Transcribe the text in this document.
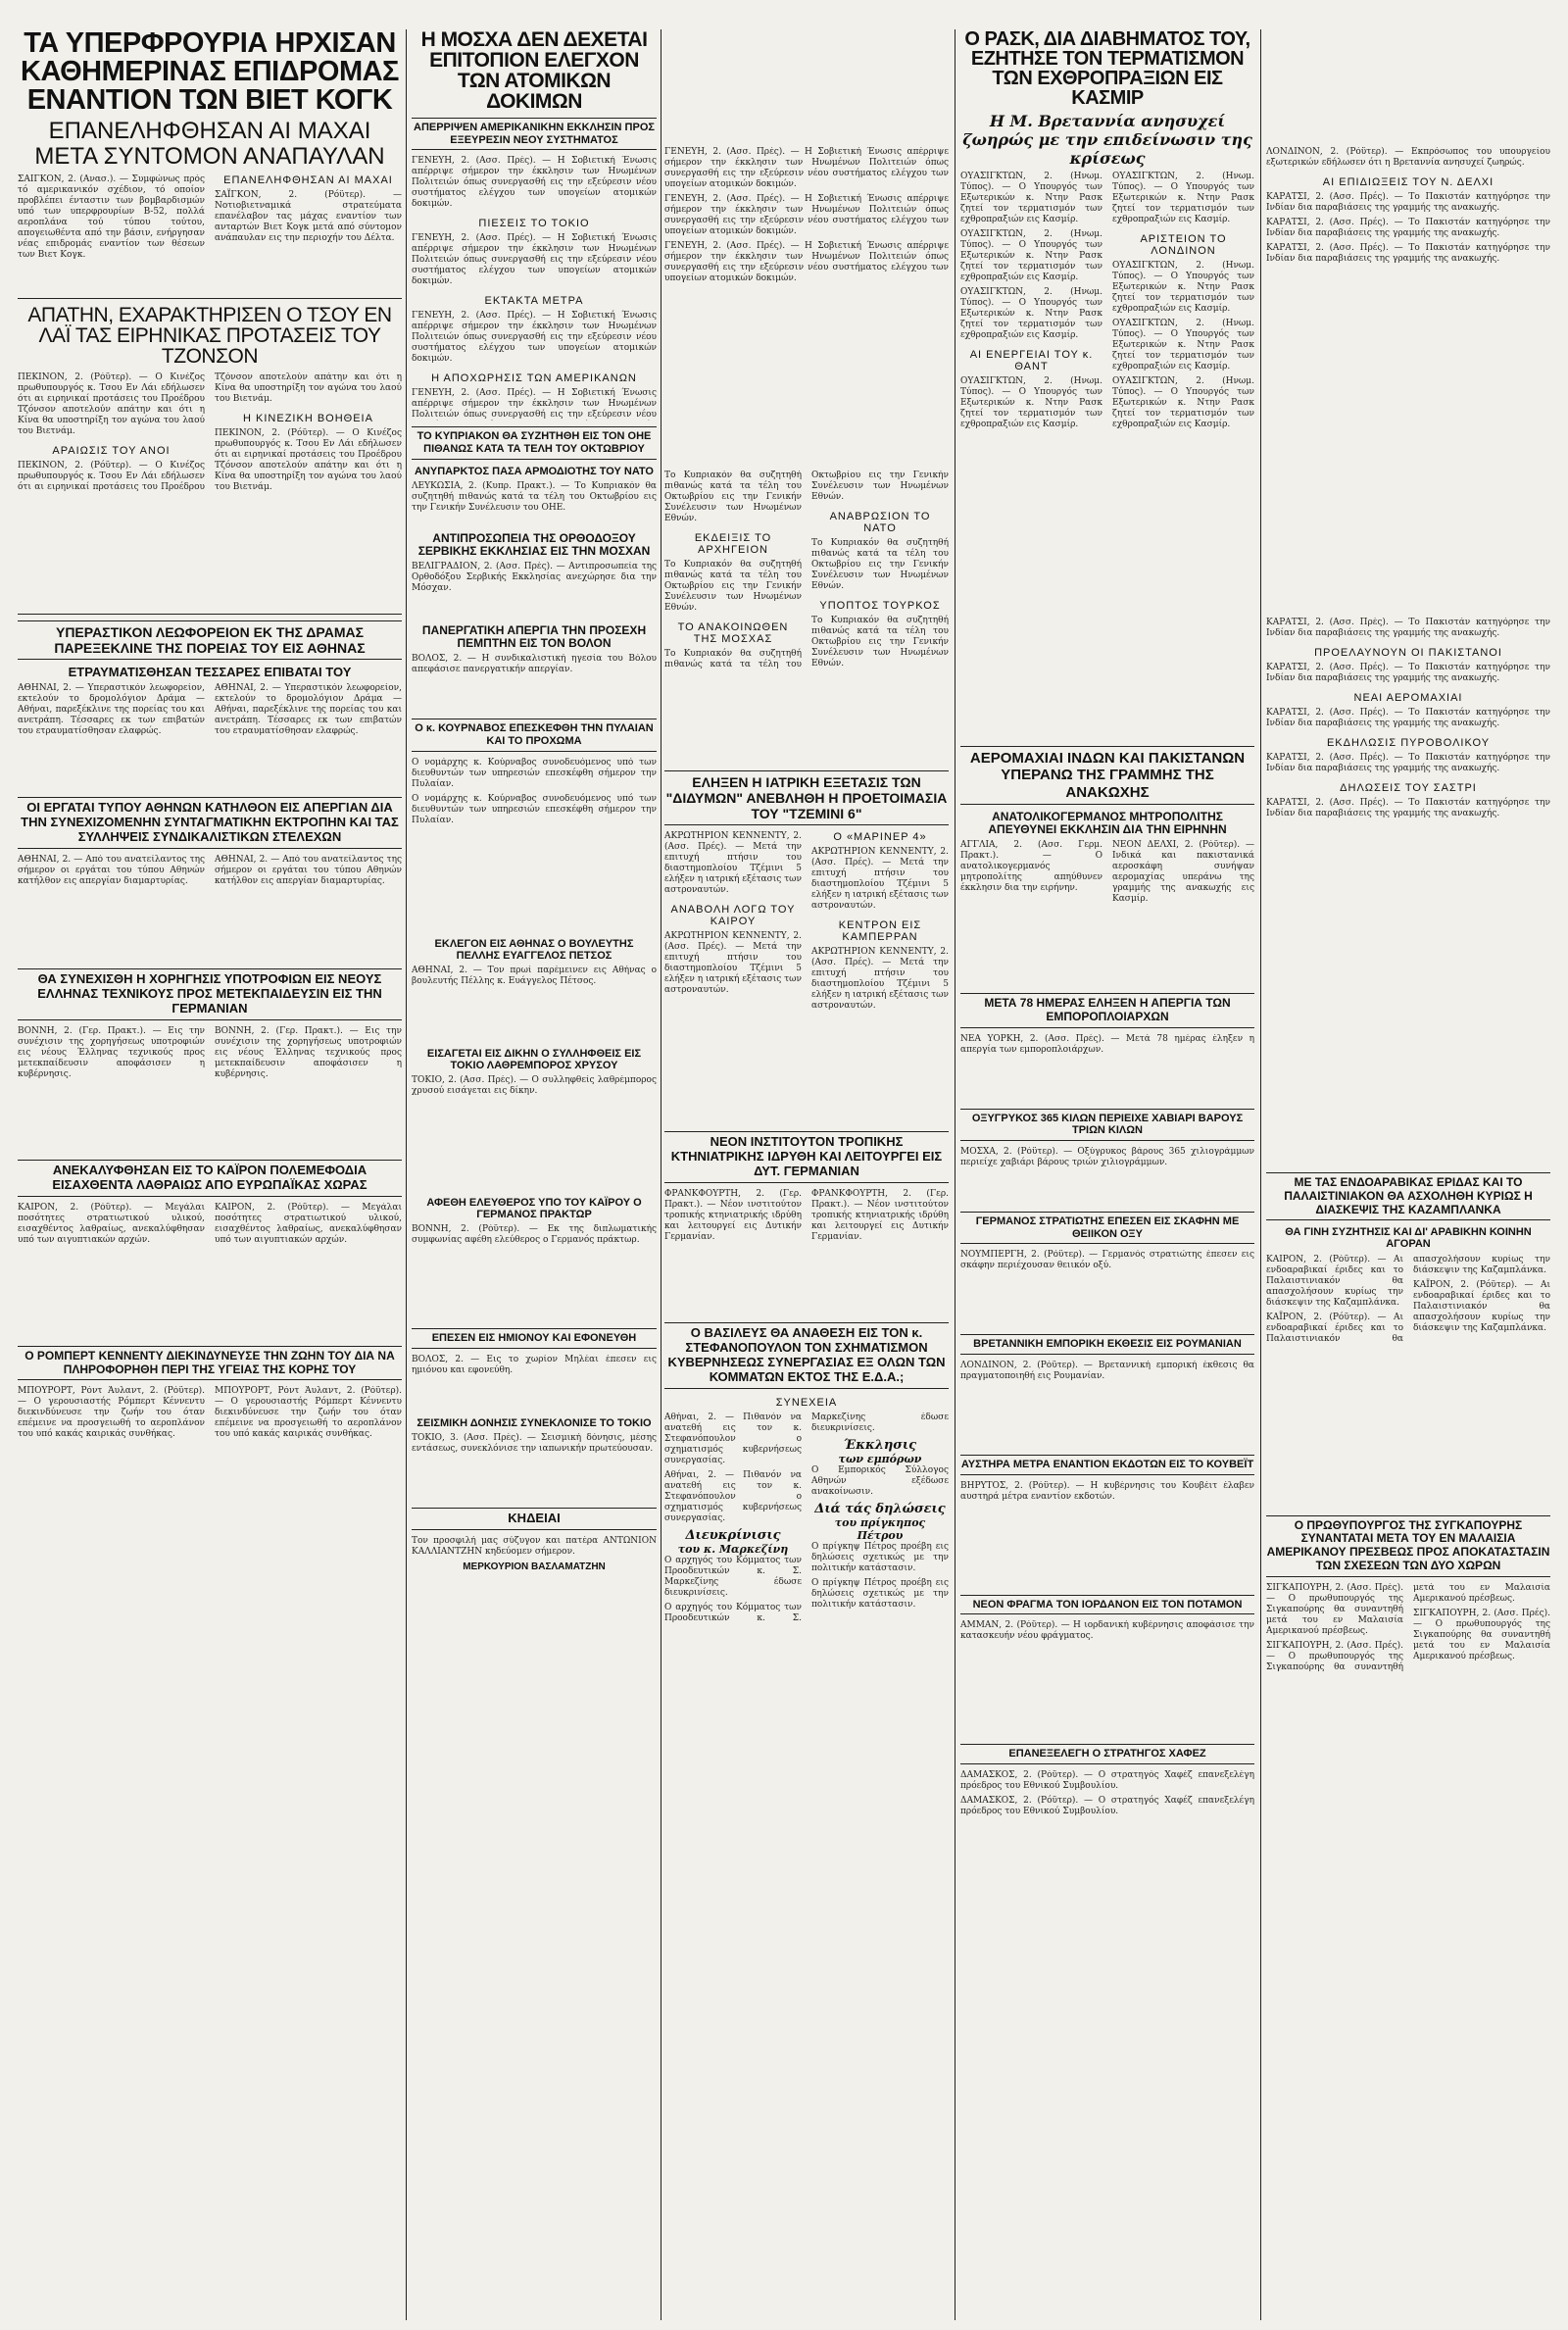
ΤΑ ΥΠΕΡΦΡΟΥΡΙΑ ΗΡΧΙΣΑΝ ΚΑΘΗΜΕΡΙΝΑΣ ΕΠΙΔΡΟΜΑΣ ΕΝΑΝΤΙΟΝ ΤΩΝ ΒΙΕΤ ΚΟΓΚ
ΕΠΑΝΕΛΗΦΘΗΣΑΝ ΑΙ ΜΑΧΑΙ ΜΕΤΑ ΣΥΝΤΟΜΟΝ ΑΝΑΠΑΥΛΑΝ

ΣΑΪΓΚΟΝ, 2. (Ανασ.). — Συμφώνως πρός τό αμερικανικόν σχέδιον, τό οποίον προβλέπει ένταστιν των βομβαρδισμών υπό των υπερφρουρίων Β-52, πολλά αεροπλάνα τού τύπου τούτου, απογειωθέντα από την βάσιν, ενήργησαν νέας επιδρομάς εναντίον των θέσεων των Βιετ Κογκ.

ΕΠΑΝΕΛΗΦΘΗΣΑΝ ΑΙ ΜΑΧΑΙ

ΣΑΪΓΚΟΝ, 2. (Ρόϋτερ). — Νοτιοβιετναμικά στρατεύματα επανέλαβον τας μάχας εναντίον των ανταρτών Βιετ Κογκ μετά από σύντομον ανάπαυλαν εις την περιοχήν του Δέλτα.

ΑΠΑΤΗΝ, ΕΧΑΡΑΚΤΗΡΙΣΕΝ Ο ΤΣΟΥ ΕΝ ΛΑΪ ΤΑΣ ΕΙΡΗΝΙΚΑΣ ΠΡΟΤΑΣΕΙΣ ΤΟΥ ΤΖΟΝΣΟΝ

ΠΕΚΙΝΟΝ, 2. (Ρόϋτερ). — Ο Κινέζος πρωθυπουργός κ. Τσου Εν Λάι εδήλωσεν ότι αι ειρηνικαί προτάσεις του Προέδρου Τζόνσον αποτελούν απάτην και ότι η Κίνα θα υποστηρίξη τον αγώνα του λαού του Βιετνάμ.

ΑΡΑΙΩΣΙΣ ΤΟΥ ΑΝΟΙ

ΠΕΚΙΝΟΝ, 2. (Ρόϋτερ). — Ο Κινέζος πρωθυπουργός κ. Τσου Εν Λάι εδήλωσεν ότι αι ειρηνικαί προτάσεις του Προέδρου Τζόνσον αποτελούν απάτην και ότι η Κίνα θα υποστηρίξη τον αγώνα του λαού του Βιετνάμ.

Η ΚΙΝΕΖΙΚΗ ΒΟΗΘΕΙΑ

ΠΕΚΙΝΟΝ, 2. (Ρόϋτερ). — Ο Κινέζος πρωθυπουργός κ. Τσου Εν Λάι εδήλωσεν ότι αι ειρηνικαί προτάσεις του Προέδρου Τζόνσον αποτελούν απάτην και ότι η Κίνα θα υποστηρίξη τον αγώνα του λαού του Βιετνάμ.

ΥΠΕΡΑΣΤΙΚΟΝ ΛΕΩΦΟΡΕΙΟΝ ΕΚ ΤΗΣ ΔΡΑΜΑΣ ΠΑΡΕΞΕΚΛΙΝΕ ΤΗΣ ΠΟΡΕΙΑΣ ΤΟΥ ΕΙΣ ΑΘΗΝΑΣ
ΕΤΡΑΥΜΑΤΙΣΘΗΣΑΝ ΤΕΣΣΑΡΕΣ ΕΠΙΒΑΤΑΙ ΤΟΥ

ΑΘΗΝΑΙ, 2. — Υπεραστικόν λεωφορείον, εκτελούν το δρομολόγιον Δράμα — Αθήναι, παρεξέκλινε της πορείας του και ανετράπη. Τέσσαρες εκ των επιβατών του ετραυματίσθησαν ελαφρώς.

ΑΘΗΝΑΙ, 2. — Υπεραστικόν λεωφορείον, εκτελούν το δρομολόγιον Δράμα — Αθήναι, παρεξέκλινε της πορείας του και ανετράπη. Τέσσαρες εκ των επιβατών του ετραυματίσθησαν ελαφρώς.

ΟΙ ΕΡΓΑΤΑΙ ΤΥΠΟΥ ΑΘΗΝΩΝ ΚΑΤΗΛΘΟΝ ΕΙΣ ΑΠΕΡΓΙΑΝ ΔΙΑ ΤΗΝ ΣΥΝΕΧΙΖΟΜΕΝΗΝ ΣΥΝΤΑΓΜΑΤΙΚΗΝ ΕΚΤΡΟΠΗΝ ΚΑΙ ΤΑΣ ΣΥΛΛΗΨΕΙΣ ΣΥΝΔΙΚΑΛΙΣΤΙΚΩΝ ΣΤΕΛΕΧΩΝ

ΑΘΗΝΑΙ, 2. — Από του ανατείλαντος της σήμερον οι εργάται του τύπου Αθηνών κατήλθον εις απεργίαν διαμαρτυρίας.

ΑΘΗΝΑΙ, 2. — Από του ανατείλαντος της σήμερον οι εργάται του τύπου Αθηνών κατήλθον εις απεργίαν διαμαρτυρίας.

ΘΑ ΣΥΝΕΧΙΣΘΗ Η ΧΟΡΗΓΗΣΙΣ ΥΠΟΤΡΟΦΙΩΝ ΕΙΣ ΝΕΟΥΣ ΕΛΛΗΝΑΣ ΤΕΧΝΙΚΟΥΣ ΠΡΟΣ ΜΕΤΕΚΠΑΙΔΕΥΣΙΝ ΕΙΣ ΤΗΝ ΓΕΡΜΑΝΙΑΝ

ΒΟΝΝΗ, 2. (Γερ. Πρακτ.). — Εις την συνέχισιν της χορηγήσεως υποτροφιών εις νέους Έλληνας τεχνικούς προς μετεκπαίδευσιν αποφάσισεν η κυβέρνησις.

ΒΟΝΝΗ, 2. (Γερ. Πρακτ.). — Εις την συνέχισιν της χορηγήσεως υποτροφιών εις νέους Έλληνας τεχνικούς προς μετεκπαίδευσιν αποφάσισεν η κυβέρνησις.

ΑΝΕΚΑΛΥΦΘΗΣΑΝ ΕΙΣ ΤΟ ΚΑΪΡΟΝ ΠΟΛΕΜΕΦΟΔΙΑ ΕΙΣΑΧΘΕΝΤΑ ΛΑΘΡΑΙΩΣ ΑΠΟ ΕΥΡΩΠΑΪΚΑΣ ΧΩΡΑΣ

ΚΑΪΡΟΝ, 2. (Ρόϋτερ). — Μεγάλαι ποσότητες στρατιωτικού υλικού, εισαχθέντος λαθραίως, ανεκαλύφθησαν υπό των αιγυπτιακών αρχών.

ΚΑΪΡΟΝ, 2. (Ρόϋτερ). — Μεγάλαι ποσότητες στρατιωτικού υλικού, εισαχθέντος λαθραίως, ανεκαλύφθησαν υπό των αιγυπτιακών αρχών.

Ο ΡΟΜΠΕΡΤ ΚΕΝΝΕΝΤΥ ΔΙΕΚΙΝΔΥΝΕΥΣΕ ΤΗΝ ΖΩΗΝ ΤΟΥ ΔΙΑ ΝΑ ΠΛΗΡΟΦΟΡΗΘΗ ΠΕΡΙ ΤΗΣ ΥΓΕΙΑΣ ΤΗΣ ΚΟΡΗΣ ΤΟΥ

ΜΠΟΥΡΟΡΤ, Ρόντ Άυλαντ, 2. (Ρόϋτερ). — Ο γερουσιαστής Ρόμπερτ Κέννεντυ διεκινδύνευσε την ζωήν του όταν επέμεινε να προσγειωθή το αεροπλάνον του υπό κακάς καιρικάς συνθήκας.

ΜΠΟΥΡΟΡΤ, Ρόντ Άυλαντ, 2. (Ρόϋτερ). — Ο γερουσιαστής Ρόμπερτ Κέννεντυ διεκινδύνευσε την ζωήν του όταν επέμεινε να προσγειωθή το αεροπλάνον του υπό κακάς καιρικάς συνθήκας.

Η ΜΟΣΧΑ ΔΕΝ ΔΕΧΕΤΑΙ ΕΠΙΤΟΠΙΟΝ ΕΛΕΓΧΟΝ ΤΩΝ ΑΤΟΜΙΚΩΝ ΔΟΚΙΜΩΝ
ΑΠΕΡΡΙΨΕΝ ΑΜΕΡΙΚΑΝΙΚΗΝ ΕΚΚΛΗΣΙΝ ΠΡΟΣ ΕΞΕΥΡΕΣΙΝ ΝΕΟΥ ΣΥΣΤΗΜΑΤΟΣ

ΓΕΝΕΥΗ, 2. (Ασσ. Πρές). — Η Σοβιετική Ένωσις απέρριψε σήμερον την έκκλησιν των Ηνωμένων Πολιτειών όπως συνεργασθή εις την εξεύρεσιν νέου συστήματος ελέγχου των υπογείων ατομικών δοκιμών.

ΠΙΕΣΕΙΣ ΤΟ ΤΟΚΙΟ

ΓΕΝΕΥΗ, 2. (Ασσ. Πρές). — Η Σοβιετική Ένωσις απέρριψε σήμερον την έκκλησιν των Ηνωμένων Πολιτειών όπως συνεργασθή εις την εξεύρεσιν νέου συστήματος ελέγχου των υπογείων ατομικών δοκιμών.

ΕΚΤΑΚΤΑ ΜΕΤΡΑ

ΓΕΝΕΥΗ, 2. (Ασσ. Πρές). — Η Σοβιετική Ένωσις απέρριψε σήμερον την έκκλησιν των Ηνωμένων Πολιτειών όπως συνεργασθή εις την εξεύρεσιν νέου συστήματος ελέγχου των υπογείων ατομικών δοκιμών.

Η ΑΠΟΧΩΡΗΣΙΣ ΤΩΝ ΑΜΕΡΙΚΑΝΩΝ

ΓΕΝΕΥΗ, 2. (Ασσ. Πρές). — Η Σοβιετική Ένωσις απέρριψε σήμερον την έκκλησιν των Ηνωμένων Πολιτειών όπως συνεργασθή εις την εξεύρεσιν νέου

ΤΟ ΚΥΠΡΙΑΚΟΝ ΘΑ ΣΥΖΗΤΗΘΗ ΕΙΣ ΤΟΝ ΟΗΕ ΠΙΘΑΝΩΣ ΚΑΤΑ ΤΑ ΤΕΛΗ ΤΟΥ ΟΚΤΩΒΡΙΟΥ
ΑΝΥΠΑΡΚΤΟΣ ΠΑΣΑ ΑΡΜΟΔΙΟΤΗΣ ΤΟΥ ΝΑΤΟ

ΛΕΥΚΩΣΙΑ, 2. (Κυπρ. Πρακτ.). — Το Κυπριακόν θα συζητηθή πιθανώς κατά τα τέλη του Οκτωβρίου εις την Γενικήν Συνέλευσιν του ΟΗΕ.

ΑΝΤΙΠΡΟΣΩΠΕΙΑ ΤΗΣ ΟΡΘΟΔΟΞΟΥ ΣΕΡΒΙΚΗΣ ΕΚΚΛΗΣΙΑΣ ΕΙΣ ΤΗΝ ΜΟΣΧΑΝ

ΒΕΛΙΓΡΑΔΙΟΝ, 2. (Ασσ. Πρές). — Αντιπροσωπεία της Ορθοδόξου Σερβικής Εκκλησίας ανεχώρησε δια την Μόσχαν.

ΠΑΝΕΡΓΑΤΙΚΗ ΑΠΕΡΓΙΑ ΤΗΝ ΠΡΟΣΕΧΗ ΠΕΜΠΤΗΝ ΕΙΣ ΤΟΝ ΒΟΛΟΝ

ΒΟΛΟΣ, 2. — Η συνδικαλιστική ηγεσία του Βόλου απεφάσισε πανεργατικήν απεργίαν.

Ο κ. ΚΟΥΡΝΑΒΟΣ ΕΠΕΣΚΕΦΘΗ ΤΗΝ ΠΥΛΑΙΑΝ ΚΑΙ ΤΟ ΠΡΟΧΩΜΑ

Ο νομάρχης κ. Κούρναβος συνοδευόμενος υπό των διευθυντών των υπηρεσιών επεσκέφθη σήμερον την Πυλαίαν.

Ο νομάρχης κ. Κούρναβος συνοδευόμενος υπό των διευθυντών των υπηρεσιών επεσκέφθη σήμερον την Πυλαίαν.

ΕΚΛΕΓΟΝ ΕΙΣ ΑΘΗΝΑΣ Ο ΒΟΥΛΕΥΤΗΣ ΠΕΛΛΗΣ ΕΥΑΓΓΕΛΟΣ ΠΕΤΣΟΣ

ΑΘΗΝΑΙ, 2. — Τον πρωί παρέμεινεν εις Αθήνας ο βουλευτής Πέλλης κ. Ευάγγελος Πέτσος.

ΕΙΣΑΓΕΤΑΙ ΕΙΣ ΔΙΚΗΝ Ο ΣΥΛΛΗΦΘΕΙΣ ΕΙΣ ΤΟΚΙΟ ΛΑΘΡΕΜΠΟΡΟΣ ΧΡΥΣΟΥ

ΤΟΚΙΟ, 2. (Ασσ. Πρές). — Ο συλληφθείς λαθρέμπορος χρυσού εισάγεται εις δίκην.

ΑΦΕΘΗ ΕΛΕΥΘΕΡΟΣ ΥΠΟ ΤΟΥ ΚΑΪΡΟΥ Ο ΓΕΡΜΑΝΟΣ ΠΡΑΚΤΩΡ

ΒΟΝΝΗ, 2. (Ρόϋτερ). — Εκ της διπλωματικής συμφωνίας αφέθη ελεύθερος ο Γερμανός πράκτωρ.

ΕΠΕΣΕΝ ΕΙΣ ΗΜΙΟΝΟΥ ΚΑΙ ΕΦΟΝΕΥΘΗ

ΒΟΛΟΣ, 2. — Εις το χωρίον Μηλέαι έπεσεν εις ημιόνου και εφονεύθη.

ΣΕΙΣΜΙΚΗ ΔΟΝΗΣΙΣ ΣΥΝΕΚΛΟΝΙΣΕ ΤΟ ΤΟΚΙΟ

ΤΟΚΙΟ, 3. (Ασσ. Πρές). — Σεισμική δόνησις, μέσης εντάσεως, συνεκλόνισε την ιαπωνικήν πρωτεύουσαν.

ΚΗΔΕΙΑΙ

Τον προσφιλή μας σύζυγον και πατέρα ΑΝΤΩΝΙΟΝ ΚΑΛΛΙΑΝΤΖΗΝ κηδεύομεν σήμερον.

ΜΕΡΚΟΥΡΙΟΝ ΒΑΣΛΑΜΑΤΖΗΝ

ΓΕΝΕΥΗ, 2. (Ασσ. Πρές). — Η Σοβιετική Ένωσις απέρριψε σήμερον την έκκλησιν των Ηνωμένων Πολιτειών όπως συνεργασθή εις την εξεύρεσιν νέου συστήματος ελέγχου των υπογείων ατομικών δοκιμών.

ΓΕΝΕΥΗ, 2. (Ασσ. Πρές). — Η Σοβιετική Ένωσις απέρριψε σήμερον την έκκλησιν των Ηνωμένων Πολιτειών όπως συνεργασθή εις την εξεύρεσιν νέου συστήματος ελέγχου των υπογείων ατομικών δοκιμών.

ΓΕΝΕΥΗ, 2. (Ασσ. Πρές). — Η Σοβιετική Ένωσις απέρριψε σήμερον την έκκλησιν των Ηνωμένων Πολιτειών όπως συνεργασθή εις την εξεύρεσιν νέου συστήματος ελέγχου των υπογείων ατομικών δοκιμών.

Το Κυπριακόν θα συζητηθή πιθανώς κατά τα τέλη του Οκτωβρίου εις την Γενικήν Συνέλευσιν των Ηνωμένων Εθνών.

ΕΚΔΕΙΞΙΣ ΤΟ ΑΡΧΗΓΕΙΟΝ

Το Κυπριακόν θα συζητηθή πιθανώς κατά τα τέλη του Οκτωβρίου εις την Γενικήν Συνέλευσιν των Ηνωμένων Εθνών.

ΤΟ ΑΝΑΚΟΙΝΩΘΕΝ ΤΗΣ ΜΟΣΧΑΣ

Το Κυπριακόν θα συζητηθή πιθανώς κατά τα τέλη του Οκτωβρίου εις την Γενικήν Συνέλευσιν των Ηνωμένων Εθνών.

ΑΝΑΒΡΩΣΙΟΝ ΤΟ ΝΑΤΟ

Το Κυπριακόν θα συζητηθή πιθανώς κατά τα τέλη του Οκτωβρίου εις την Γενικήν Συνέλευσιν των Ηνωμένων Εθνών.

ΥΠΟΠΤΟΣ ΤΟΥΡΚΟΣ

Το Κυπριακόν θα συζητηθή πιθανώς κατά τα τέλη του Οκτωβρίου εις την Γενικήν Συνέλευσιν των Ηνωμένων Εθνών.

ΕΛΗΞΕΝ Η ΙΑΤΡΙΚΗ ΕΞΕΤΑΣΙΣ ΤΩΝ "ΔΙΔΥΜΩΝ" ΑΝΕΒΛΗΘΗ Η ΠΡΟΕΤΟΙΜΑΣΙΑ ΤΟΥ "ΤΖΕΜΙΝΙ 6"

ΑΚΡΩΤΗΡΙΟΝ ΚΕΝΝΕΝΤΥ, 2. (Ασσ. Πρές). — Μετά την επιτυχή πτήσιν του διαστημοπλοίου Τζέμινι 5 ελήξεν η ιατρική εξέτασις των αστροναυτών.

ΑΝΑΒΟΛΗ ΛΟΓΩ ΤΟΥ ΚΑΙΡΟΥ

ΑΚΡΩΤΗΡΙΟΝ ΚΕΝΝΕΝΤΥ, 2. (Ασσ. Πρές). — Μετά την επιτυχή πτήσιν του διαστημοπλοίου Τζέμινι 5 ελήξεν η ιατρική εξέτασις των αστροναυτών.

Ο «ΜΑΡΙΝΕΡ 4»

ΑΚΡΩΤΗΡΙΟΝ ΚΕΝΝΕΝΤΥ, 2. (Ασσ. Πρές). — Μετά την επιτυχή πτήσιν του διαστημοπλοίου Τζέμινι 5 ελήξεν η ιατρική εξέτασις των αστροναυτών.

ΚΕΝΤΡΟΝ ΕΙΣ ΚΑΜΠΕΡΡΑΝ

ΑΚΡΩΤΗΡΙΟΝ ΚΕΝΝΕΝΤΥ, 2. (Ασσ. Πρές). — Μετά την επιτυχή πτήσιν του διαστημοπλοίου Τζέμινι 5 ελήξεν η ιατρική εξέτασις των αστροναυτών.

ΝΕΟΝ ΙΝΣΤΙΤΟΥΤΟΝ ΤΡΟΠΙΚΗΣ ΚΤΗΝΙΑΤΡΙΚΗΣ ΙΔΡΥΘΗ ΚΑΙ ΛΕΙΤΟΥΡΓΕΙ ΕΙΣ ΔΥΤ. ΓΕΡΜΑΝΙΑΝ

ΦΡΑΝΚΦΟΥΡΤΗ, 2. (Γερ. Πρακτ.). — Νέον ινστιτούτον τροπικής κτηνιατρικής ιδρύθη και λειτουργεί εις Δυτικήν Γερμανίαν.

ΦΡΑΝΚΦΟΥΡΤΗ, 2. (Γερ. Πρακτ.). — Νέον ινστιτούτον τροπικής κτηνιατρικής ιδρύθη και λειτουργεί εις Δυτικήν Γερμανίαν.

Ο ΒΑΣΙΛΕΥΣ ΘΑ ΑΝΑΘΕΣΗ ΕΙΣ ΤΟΝ κ. ΣΤΕΦΑΝΟΠΟΥΛΟΝ ΤΟΝ ΣΧΗΜΑΤΙΣΜΟΝ ΚΥΒΕΡΝΗΣΕΩΣ ΣΥΝΕΡΓΑΣΙΑΣ ΕΞ ΟΛΩΝ ΤΩΝ ΚΟΜΜΑΤΩΝ ΕΚΤΟΣ ΤΗΣ Ε.Δ.Α.;
ΣΥΝΕΧΕΙΑ

Αθήναι, 2. — Πιθανόν να ανατεθή εις τον κ. Στεφανόπουλον ο σχηματισμός κυβερνήσεως συνεργασίας.

Αθήναι, 2. — Πιθανόν να ανατεθή εις τον κ. Στεφανόπουλον ο σχηματισμός κυβερνήσεως συνεργασίας.

Διευκρίνισις
του κ. Μαρκεζίνη

Ο αρχηγός του Κόμματος των Προοδευτικών κ. Σ. Μαρκεζίνης έδωσε διευκρινίσεις.

Ο αρχηγός του Κόμματος των Προοδευτικών κ. Σ. Μαρκεζίνης έδωσε διευκρινίσεις.

Έκκλησις
των εμπόρων

Ο Εμπορικός Σύλλογος Αθηνών εξέδωσε ανακοίνωσιν.

Διά τάς δηλώσεις
του πρίγκηπος Πέτρου

Ο πρίγκηψ Πέτρος προέβη εις δηλώσεις σχετικώς με την πολιτικήν κατάστασιν.

Ο πρίγκηψ Πέτρος προέβη εις δηλώσεις σχετικώς με την πολιτικήν κατάστασιν.

Ο ΡΑΣΚ, ΔΙΑ ΔΙΑΒΗΜΑΤΟΣ ΤΟΥ, ΕΖΗΤΗΣΕ ΤΟΝ ΤΕΡΜΑΤΙΣΜΟΝ ΤΩΝ ΕΧΘΡΟΠΡΑΞΙΩΝ ΕΙΣ ΚΑΣΜΙΡ
Η Μ. Βρεταννία ανησυχεί ζωηρώς με την επιδείνωσιν της κρίσεως

ΟΥΑΣΙΓΚΤΩΝ, 2. (Ηνωμ. Τύπος). — Ο Υπουργός των Εξωτερικών κ. Ντην Ρασκ ζητεί τον τερματισμόν των εχθροπραξιών εις Κασμίρ.

ΟΥΑΣΙΓΚΤΩΝ, 2. (Ηνωμ. Τύπος). — Ο Υπουργός των Εξωτερικών κ. Ντην Ρασκ ζητεί τον τερματισμόν των εχθροπραξιών εις Κασμίρ.

ΟΥΑΣΙΓΚΤΩΝ, 2. (Ηνωμ. Τύπος). — Ο Υπουργός των Εξωτερικών κ. Ντην Ρασκ ζητεί τον τερματισμόν των εχθροπραξιών εις Κασμίρ.

ΑΙ ΕΝΕΡΓΕΙΑΙ ΤΟΥ κ. ΘΑΝΤ

ΟΥΑΣΙΓΚΤΩΝ, 2. (Ηνωμ. Τύπος). — Ο Υπουργός των Εξωτερικών κ. Ντην Ρασκ ζητεί τον τερματισμόν των εχθροπραξιών εις Κασμίρ.

ΟΥΑΣΙΓΚΤΩΝ, 2. (Ηνωμ. Τύπος). — Ο Υπουργός των Εξωτερικών κ. Ντην Ρασκ ζητεί τον τερματισμόν των εχθροπραξιών εις Κασμίρ.

ΑΡΙΣΤΕΙΟΝ ΤΟ ΛΟΝΔΙΝΟΝ

ΟΥΑΣΙΓΚΤΩΝ, 2. (Ηνωμ. Τύπος). — Ο Υπουργός των Εξωτερικών κ. Ντην Ρασκ ζητεί τον τερματισμόν των εχθροπραξιών εις Κασμίρ.

ΟΥΑΣΙΓΚΤΩΝ, 2. (Ηνωμ. Τύπος). — Ο Υπουργός των Εξωτερικών κ. Ντην Ρασκ ζητεί τον τερματισμόν των εχθροπραξιών εις Κασμίρ.

ΟΥΑΣΙΓΚΤΩΝ, 2. (Ηνωμ. Τύπος). — Ο Υπουργός των Εξωτερικών κ. Ντην Ρασκ ζητεί τον τερματισμόν των εχθροπραξιών εις Κασμίρ.

ΑΕΡΟΜΑΧΙΑΙ ΙΝΔΩΝ ΚΑΙ ΠΑΚΙΣΤΑΝΩΝ ΥΠΕΡΑΝΩ ΤΗΣ ΓΡΑΜΜΗΣ ΤΗΣ ΑΝΑΚΩΧΗΣ
ΑΝΑΤΟΛΙΚΟΓΕΡΜΑΝΟΣ ΜΗΤΡΟΠΟΛΙΤΗΣ ΑΠΕΥΘΥΝΕΙ ΕΚΚΛΗΣΙΝ ΔΙΑ ΤΗΝ ΕΙΡΗΝΗΝ

ΑΓΓΛΙΑ, 2. (Ασσ. Γερμ. Πρακτ.). — Ο ανατολικογερμανός μητροπολίτης απηύθυνεν έκκλησιν δια την ειρήνην.

ΝΕΟΝ ΔΕΛΧΙ, 2. (Ρόϋτερ). — Ινδικά και πακιστανικά αεροσκάφη συνήψαν αερομαχίας υπεράνω της γραμμής της ανακωχής εις Κασμίρ.

ΜΕΤΑ 78 ΗΜΕΡΑΣ ΕΛΗΞΕΝ Η ΑΠΕΡΓΙΑ ΤΩΝ ΕΜΠΟΡΟΠΛΟΙΑΡΧΩΝ

ΝΕΑ ΥΟΡΚΗ, 2. (Ασσ. Πρές). — Μετά 78 ημέρας έληξεν η απεργία των εμποροπλοιάρχων.

ΟΞΥΓΡΥΚΟΣ 365 ΚΙΛΩΝ ΠΕΡΙΕΙΧΕ ΧΑΒΙΑΡΙ ΒΑΡΟΥΣ ΤΡΙΩΝ ΚΙΛΩΝ

ΜΟΣΧΑ, 2. (Ρόϋτερ). — Οξύγρυκος βάρους 365 χιλιογράμμων περιείχε χαβιάρι βάρους τριών χιλιογράμμων.

ΓΕΡΜΑΝΟΣ ΣΤΡΑΤΙΩΤΗΣ ΕΠΕΣΕΝ ΕΙΣ ΣΚΑΦΗΝ ΜΕ ΘΕΙΙΚΟΝ ΟΞΥ

ΝΟΥΜΠΕΡΓΗ, 2. (Ρόϋτερ). — Γερμανός στρατιώτης έπεσεν εις σκάφην περιέχουσαν θειικόν οξύ.

ΒΡΕΤΑΝΝΙΚΗ ΕΜΠΟΡΙΚΗ ΕΚΘΕΣΙΣ ΕΙΣ ΡΟΥΜΑΝΙΑΝ

ΛΟΝΔΙΝΟΝ, 2. (Ρόϋτερ). — Βρεταννική εμπορική έκθεσις θα πραγματοποιηθή εις Ρουμανίαν.

ΑΥΣΤΗΡΑ ΜΕΤΡΑ ΕΝΑΝΤΙΟΝ ΕΚΔΟΤΩΝ ΕΙΣ ΤΟ ΚΟΥΒΕΪΤ

ΒΗΡΥΤΟΣ, 2. (Ρόϋτερ). — Η κυβέρνησις του Κουβέιτ έλαβεν αυστηρά μέτρα εναντίον εκδοτών.

ΝΕΟΝ ΦΡΑΓΜΑ ΤΟΝ ΙΟΡΔΑΝΟΝ ΕΙΣ ΤΟΝ ΠΟΤΑΜΟΝ

ΑΜΜΑΝ, 2. (Ρόϋτερ). — Η ιορδανική κυβέρνησις αποφάσισε την κατασκευήν νέου φράγματος.

ΕΠΑΝΕΞΕΛΕΓΗ Ο ΣΤΡΑΤΗΓΟΣ ΧΑΦΕΖ

ΔΑΜΑΣΚΟΣ, 2. (Ρόϋτερ). — Ο στρατηγός Χαφέζ επανεξελέγη πρόεδρος του Εθνικού Συμβουλίου.

ΔΑΜΑΣΚΟΣ, 2. (Ρόϋτερ). — Ο στρατηγός Χαφέζ επανεξελέγη πρόεδρος του Εθνικού Συμβουλίου.

ΛΟΝΔΙΝΟΝ, 2. (Ρόϋτερ). — Εκπρόσωπος του υπουργείου εξωτερικών εδήλωσεν ότι η Βρεταννία ανησυχεί ζωηρώς.

ΑΙ ΕΠΙΔΙΩΞΕΙΣ ΤΟΥ Ν. ΔΕΛΧΙ

ΚΑΡΑΤΣΙ, 2. (Ασσ. Πρές). — Το Πακιστάν κατηγόρησε την Ινδίαν δια παραβιάσεις της γραμμής της ανακωχής.

ΚΑΡΑΤΣΙ, 2. (Ασσ. Πρές). — Το Πακιστάν κατηγόρησε την Ινδίαν δια παραβιάσεις της γραμμής της ανακωχής.

ΚΑΡΑΤΣΙ, 2. (Ασσ. Πρές). — Το Πακιστάν κατηγόρησε την Ινδίαν δια παραβιάσεις της γραμμής της ανακωχής.

ΚΑΡΑΤΣΙ, 2. (Ασσ. Πρές). — Το Πακιστάν κατηγόρησε την Ινδίαν δια παραβιάσεις της γραμμής της ανακωχής.

ΠΡΟΕΛΑΥΝΟΥΝ ΟΙ ΠΑΚΙΣΤΑΝΟΙ

ΚΑΡΑΤΣΙ, 2. (Ασσ. Πρές). — Το Πακιστάν κατηγόρησε την Ινδίαν δια παραβιάσεις της γραμμής της ανακωχής.

ΝΕΑΙ ΑΕΡΟΜΑΧΙΑΙ

ΚΑΡΑΤΣΙ, 2. (Ασσ. Πρές). — Το Πακιστάν κατηγόρησε την Ινδίαν δια παραβιάσεις της γραμμής της ανακωχής.

ΕΚΔΗΛΩΣΙΣ ΠΥΡΟΒΟΛΙΚΟΥ

ΚΑΡΑΤΣΙ, 2. (Ασσ. Πρές). — Το Πακιστάν κατηγόρησε την Ινδίαν δια παραβιάσεις της γραμμής της ανακωχής.

ΔΗΛΩΣΕΙΣ ΤΟΥ ΣΑΣΤΡΙ

ΚΑΡΑΤΣΙ, 2. (Ασσ. Πρές). — Το Πακιστάν κατηγόρησε την Ινδίαν δια παραβιάσεις της γραμμής της ανακωχής.

ΜΕ ΤΑΣ ΕΝΔΟΑΡΑΒΙΚΑΣ ΕΡΙΔΑΣ ΚΑΙ ΤΟ ΠΑΛΑΙΣΤΙΝΙΑΚΟΝ ΘΑ ΑΣΧΟΛΗΘΗ ΚΥΡΙΩΣ Η ΔΙΑΣΚΕΨΙΣ ΤΗΣ ΚΑΖΑΜΠΛΑΝΚΑ
ΘΑ ΓΙΝΗ ΣΥΖΗΤΗΣΙΣ ΚΑΙ ΔΙ' ΑΡΑΒΙΚΗΝ ΚΟΙΝΗΝ ΑΓΟΡΑΝ

ΚΑΪΡΟΝ, 2. (Ρόϋτερ). — Αι ενδοαραβικαί έριδες και το Παλαιστινιακόν θα απασχολήσουν κυρίως την διάσκεψιν της Καζαμπλάνκα.

ΚΑΪΡΟΝ, 2. (Ρόϋτερ). — Αι ενδοαραβικαί έριδες και το Παλαιστινιακόν θα απασχολήσουν κυρίως την διάσκεψιν της Καζαμπλάνκα.

ΚΑΪΡΟΝ, 2. (Ρόϋτερ). — Αι ενδοαραβικαί έριδες και το Παλαιστινιακόν θα απασχολήσουν κυρίως την διάσκεψιν της Καζαμπλάνκα.

Ο ΠΡΩΘΥΠΟΥΡΓΟΣ ΤΗΣ ΣΥΓΚΑΠΟΥΡΗΣ ΣΥΝΑΝΤΑΤΑΙ ΜΕΤΑ ΤΟΥ ΕΝ ΜΑΛΑΙΣΙΑ ΑΜΕΡΙΚΑΝΟΥ ΠΡΕΣΒΕΩΣ ΠΡΟΣ ΑΠΟΚΑΤΑΣΤΑΣΙΝ ΤΩΝ ΣΧΕΣΕΩΝ ΤΩΝ ΔΥΟ ΧΩΡΩΝ

ΣΙΓΚΑΠΟΥΡΗ, 2. (Ασσ. Πρές). — Ο πρωθυπουργός της Σιγκαπούρης θα συναντηθή μετά του εν Μαλαισία Αμερικανού πρέσβεως.

ΣΙΓΚΑΠΟΥΡΗ, 2. (Ασσ. Πρές). — Ο πρωθυπουργός της Σιγκαπούρης θα συναντηθή μετά του εν Μαλαισία Αμερικανού πρέσβεως.

ΣΙΓΚΑΠΟΥΡΗ, 2. (Ασσ. Πρές). — Ο πρωθυπουργός της Σιγκαπούρης θα συναντηθή μετά του εν Μαλαισία Αμερικανού πρέσβεως.
